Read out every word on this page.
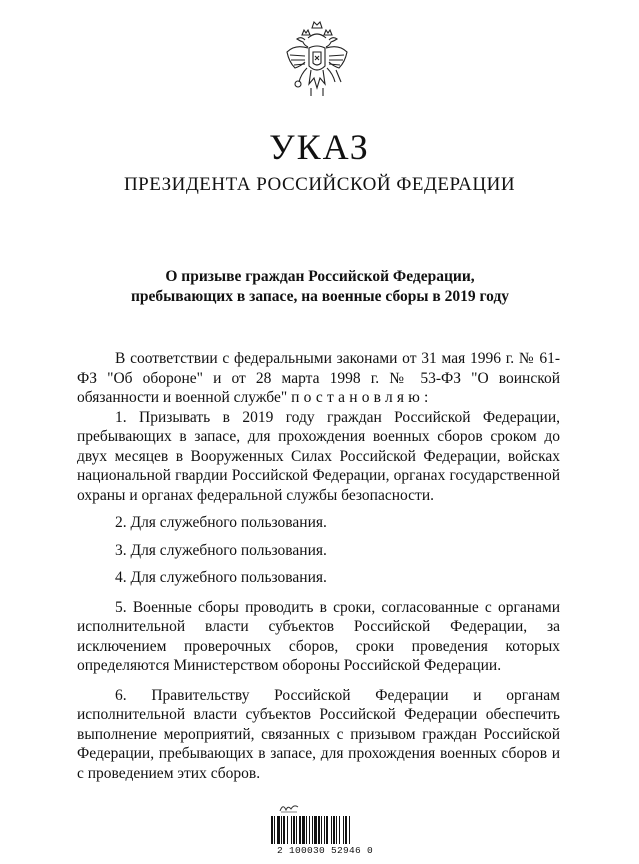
УКАЗ
ПРЕЗИДЕНТА РОССИЙСКОЙ ФЕДЕРАЦИИ
О призыве граждан Российской Федерации,
пребывающих в запасе, на военные сборы в 2019 году

В соответствии с федеральными законами от 31 мая 1996 г. № 61-ФЗ "Об обороне" и от 28 марта 1998 г. № 53-ФЗ "О воинской обязанности и военной службе" постановляю:

1. Призывать в 2019 году граждан Российской Федерации, пребывающих в запасе, для прохождения военных сборов сроком до двух месяцев в Вооруженных Силах Российской Федерации, войсках национальной гвардии Российской Федерации, органах государственной охраны и органах федеральной службы безопасности.

2. Для служебного пользования.

3. Для служебного пользования.

4. Для служебного пользования.

5. Военные сборы проводить в сроки, согласованные с органами исполнительной власти субъектов Российской Федерации, за исключением проверочных сборов, сроки проведения которых определяются Министерством обороны Российской Федерации.

6. Правительству Российской Федерации и органам исполнительной власти субъектов Российской Федерации обеспечить выполнение мероприятий, связанных с призывом граждан Российской Федерации, пребывающих в запасе, для прохождения военных сборов и с проведением этих сборов.

2 100030 52946 0
